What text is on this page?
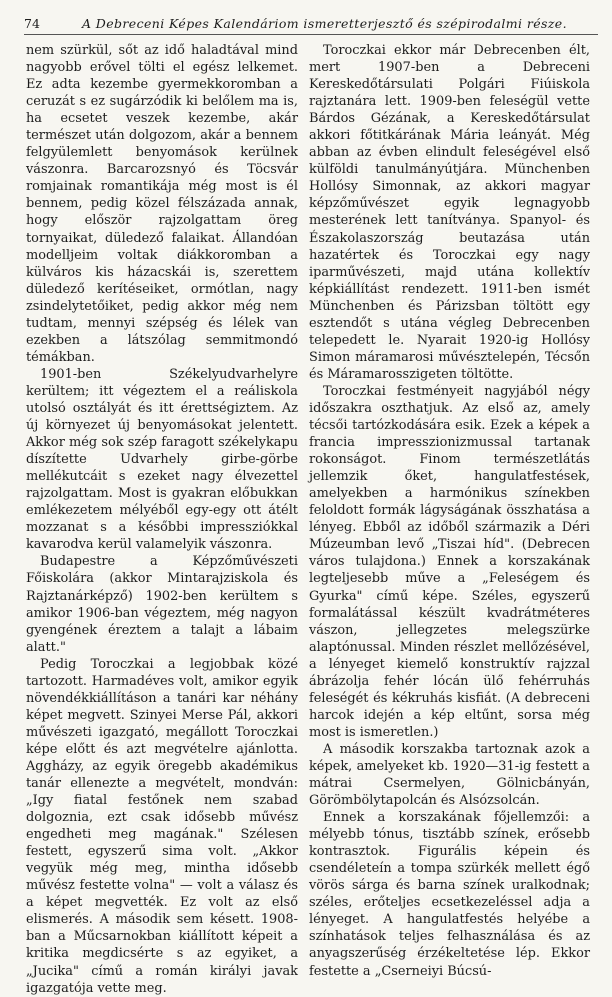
74	A Debreceni Képes Kalendáriom ismeretterjesztő és szépirodalmi része.

nem szürkül, sőt az idő haladtával mind nagyobb erővel tölti el egész lelkemet. Ez adta kezembe gyermekkoromban a ceruzát s ez sugárzódik ki belőlem ma is, ha ecsetet veszek kezembe, akár természet után dolgozom, akár a bennem felgyülemlett benyomások kerülnek vászonra. Barcarozsnyó és Töcsvár romjainak romantikája még most is él bennem, pedig közel félszázada annak, hogy először rajzolgattam öreg tornyaikat, düledező falaikat. Állandóan modelljeim voltak diákkoromban a külváros kis házacskái is, szerettem düledező kerítéseiket, ormótlan, nagy zsindelytetőiket, pedig akkor még nem tudtam, mennyi szépség és lélek van ezekben a látszólag semmitmondó témákban.

1901-ben Székelyudvarhelyre kerültem; itt végeztem el a reáliskola utolsó osztályát és itt érettségiztem. Az új környezet új benyomásokat jelentett. Akkor még sok szép faragott székelykapu díszítette Udvarhely girbe-görbe mellékutcáit s ezeket nagy élvezettel rajzolgattam. Most is gyakran előbukkan emlékezetem mélyéből egy-egy ott átélt mozzanat s a későbbi impressziókkal kavarodva kerül valamelyik vászonra.

Budapestre a Képzőművészeti Főiskolára (akkor Mintarajziskola és Rajztanárképző) 1902-ben kerültem s amikor 1906-ban végeztem, még nagyon gyengének éreztem a talajt a lábaim alatt."

Pedig Toroczkai a legjobbak közé tartozott. Harmadéves volt, amikor egyik növendékkiállításon a tanári kar néhány képet megvett. Szinyei Merse Pál, akkori művészeti igazgató, megállott Toroczkai képe előtt és azt megvételre ajánlotta. Aggházy, az egyik öregebb akadémikus tanár ellenezte a megvételt, mondván: „Igy fiatal festőnek nem szabad dolgoznia, ezt csak idősebb művész engedheti meg magának." Szélesen festett, egyszerű sima volt. „Akkor vegyük még meg, mintha idősebb művész festette volna" — volt a válasz és a képet megvették. Ez volt az első elismerés. A második sem késett. 1908-ban a Műcsarnokban kiállított képeit a kritika megdicsérte s az egyiket, a „Jucika" című a román királyi javak igazgatója vette meg.

Toroczkai ekkor már Debrecenben élt, mert 1907-ben a Debreceni Kereskedőtársulati Polgári Fiúiskola rajztanára lett. 1909-ben feleségül vette Bárdos Gézának, a Kereskedőtársulat akkori főtitkárának Mária leányát. Még abban az évben elindult feleségével első külföldi tanulmányútjára. Münchenben Hollósy Simonnak, az akkori magyar képzőművészet egyik legnagyobb mesterének lett tanítványa. Spanyol- és Északolaszország beutazása után hazatértek és Toroczkai egy nagy iparművészeti, majd utána kollektív képkiállítást rendezett. 1911-ben ismét Münchenben és Párizsban töltött egy esztendőt s utána végleg Debrecenben telepedett le. Nyarait 1920-ig Hollósy Simon máramarosi művésztelepén, Técsőn és Máramarosszigeten töltötte.

Toroczkai festményeit nagyjából négy időszakra oszthatjuk. Az első az, amely técsői tartózkodására esik. Ezek a képek a francia impresszionizmussal tartanak rokonságot. Finom természetlátás jellemzik őket, hangulatfestések, amelyekben a harmónikus színekben feloldott formák lágyságának összhatása a lényeg. Ebből az időből származik a Déri Múzeumban levő „Tiszai híd". (Debrecen város tulajdona.) Ennek a korszakának legteljesebb műve a „Feleségem és Gyurka" című képe. Széles, egyszerű formalátással készült kvadrátméteres vászon, jellegzetes melegszürke alaptónussal. Minden részlet mellőzésével, a lényeget kiemelő konstruktív rajzzal ábrázolja fehér lócán ülő fehérruhás feleségét és kékruhás kisfiát. (A debreceni harcok idején a kép eltűnt, sorsa még most is ismeretlen.)

A második korszakba tartoznak azok a képek, amelyeket kb. 1920—31-ig festett a mátrai Csermelyen, Gölnicbányán, Görömbölytapolcán és Alsózsolcán.

Ennek a korszakának főjellemzői: a mélyebb tónus, tisztább színek, erősebb kontrasztok. Figurális képein és csendéleteín a tompa szürkék mellett égő vörös sárga és barna színek uralkodnak; széles, erőteljes ecsetkezeléssel adja a lényeget. A hangulatfestés helyébe a színhatások teljes felhasználása és az anyagszerűség érzékeltetése lép. Ekkor festette a „Cserneiyi Búcsú-
